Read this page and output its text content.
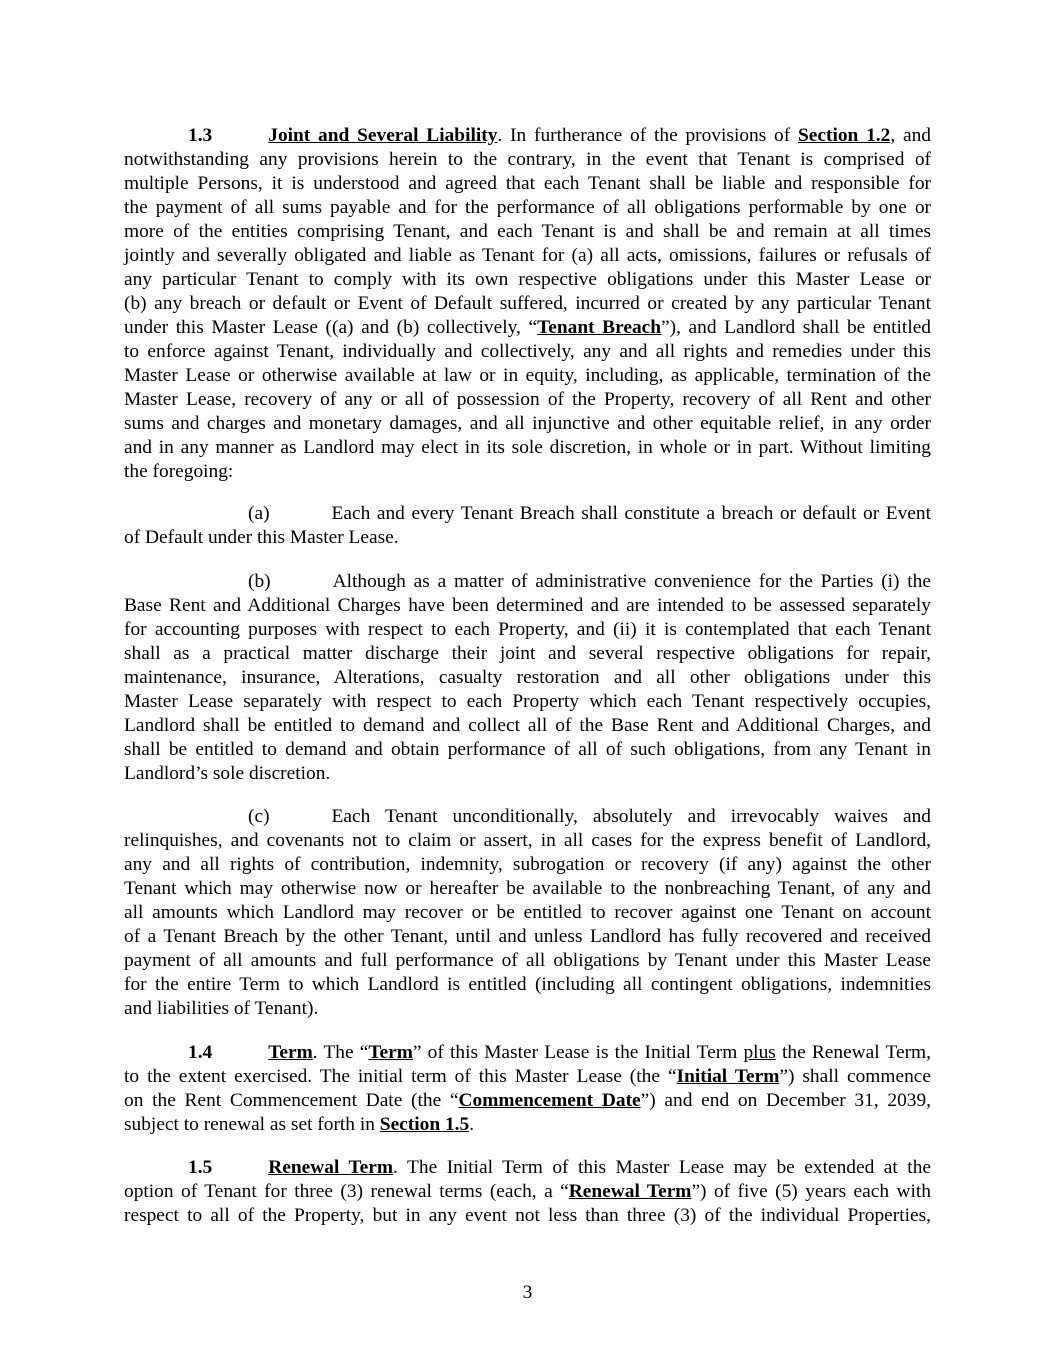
1.3	Joint and Several Liability. In furtherance of the provisions of Section 1.2, and
notwithstanding any provisions herein to the contrary, in the event that Tenant is comprised of
multiple Persons, it is understood and agreed that each Tenant shall be liable and responsible for
the payment of all sums payable and for the performance of all obligations performable by one or
more of the entities comprising Tenant, and each Tenant is and shall be and remain at all times
jointly and severally obligated and liable as Tenant for (a) all acts, omissions, failures or refusals of
any particular Tenant to comply with its own respective obligations under this Master Lease or
(b) any breach or default or Event of Default suffered, incurred or created by any particular Tenant
under this Master Lease ((a) and (b) collectively, “Tenant Breach”), and Landlord shall be entitled
to enforce against Tenant, individually and collectively, any and all rights and remedies under this
Master Lease or otherwise available at law or in equity, including, as applicable, termination of the
Master Lease, recovery of any or all of possession of the Property, recovery of all Rent and other
sums and charges and monetary damages, and all injunctive and other equitable relief, in any order
and in any manner as Landlord may elect in its sole discretion, in whole or in part. Without limiting
the foregoing:
(a)	Each and every Tenant Breach shall constitute a breach or default or Event
of Default under this Master Lease.
(b)	Although as a matter of administrative convenience for the Parties (i) the
Base Rent and Additional Charges have been determined and are intended to be assessed separately
for accounting purposes with respect to each Property, and (ii) it is contemplated that each Tenant
shall as a practical matter discharge their joint and several respective obligations for repair,
maintenance, insurance, Alterations, casualty restoration and all other obligations under this
Master Lease separately with respect to each Property which each Tenant respectively occupies,
Landlord shall be entitled to demand and collect all of the Base Rent and Additional Charges, and
shall be entitled to demand and obtain performance of all of such obligations, from any Tenant in
Landlord’s sole discretion.
(c)	Each Tenant unconditionally, absolutely and irrevocably waives and
relinquishes, and covenants not to claim or assert, in all cases for the express benefit of Landlord,
any and all rights of contribution, indemnity, subrogation or recovery (if any) against the other
Tenant which may otherwise now or hereafter be available to the nonbreaching Tenant, of any and
all amounts which Landlord may recover or be entitled to recover against one Tenant on account
of a Tenant Breach by the other Tenant, until and unless Landlord has fully recovered and received
payment of all amounts and full performance of all obligations by Tenant under this Master Lease
for the entire Term to which Landlord is entitled (including all contingent obligations, indemnities
and liabilities of Tenant).
1.4	Term. The “Term” of this Master Lease is the Initial Term plus the Renewal Term,
to the extent exercised. The initial term of this Master Lease (the “Initial Term”) shall commence
on the Rent Commencement Date (the “Commencement Date”) and end on December 31, 2039,
subject to renewal as set forth in Section 1.5.
1.5	Renewal Term. The Initial Term of this Master Lease may be extended at the
option of Tenant for three (3) renewal terms (each, a “Renewal Term”) of five (5) years each with
respect to all of the Property, but in any event not less than three (3) of the individual Properties,
3
